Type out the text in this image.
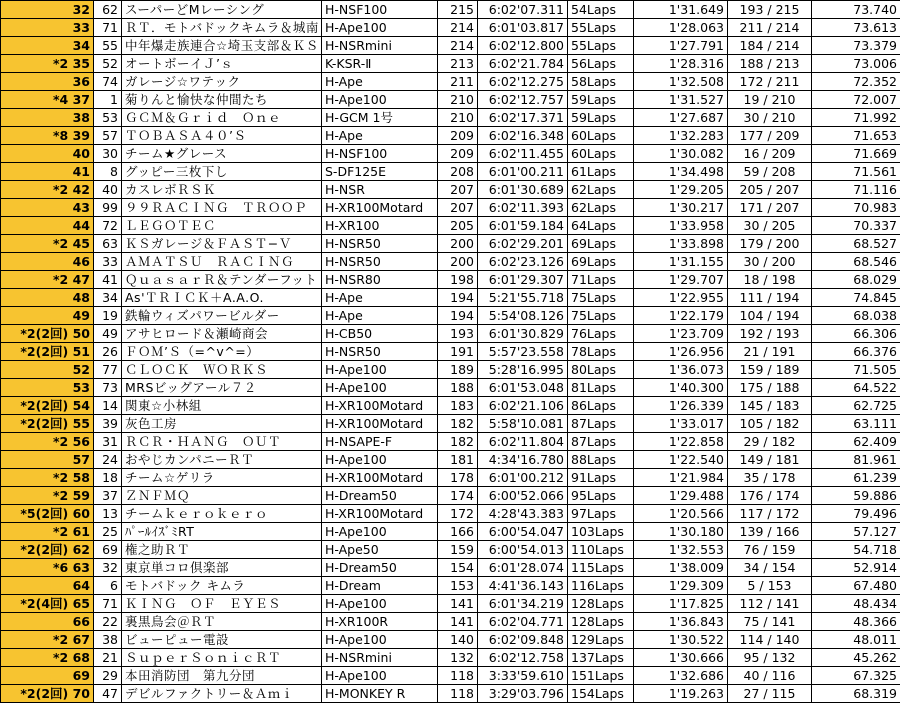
32	62	スーパーどMレーシング	H-NSF100	215	6:02'07.311	54Laps	1'31.649	193 / 215	73.740
33	71	ＲＴ．モトバドックキムラ＆城南	H-Ape100	214	6:01'03.817	55Laps	1'28.063	211 / 214	73.613
34	55	中年爆走族連合☆埼玉支部＆ＫＳ	H-NSRmini	214	6:02'12.800	55Laps	1'27.791	184 / 214	73.379
*2 35	52	オートボーイＪ’ｓ	K-KSR-Ⅱ	213	6:02'21.784	56Laps	1'28.316	188 / 213	73.006
36	74	ガレージ☆ワテック	H-Ape	211	6:02'12.275	58Laps	1'32.508	172 / 211	72.352
*4 37	1	菊りんと愉快な仲間たち	H-Ape100	210	6:02'12.757	59Laps	1'31.527	19 / 210	72.007
38	53	ＧＣＭ＆Ｇｒｉｄ　Ｏｎｅ	H-GCM 1号	210	6:02'17.371	59Laps	1'27.687	30 / 210	71.992
*8 39	57	ＴＯＢＡＳＡ４０’Ｓ	H-Ape	209	6:02'16.348	60Laps	1'32.283	177 / 209	71.653
40	30	チーム★グレース	H-NSF100	209	6:02'11.455	60Laps	1'30.082	16 / 209	71.669
41	8	グッピー三枚下し	S-DF125E	208	6:01'00.211	61Laps	1'34.498	59 / 208	71.561
*2 42	40	カスレボＲＳＫ	H-NSR	207	6:01'30.689	62Laps	1'29.205	205 / 207	71.116
43	99	９９ＲＡＣＩＮＧ　ＴＲＯＯＰ	H-XR100Motard	207	6:02'11.393	62Laps	1'30.217	171 / 207	70.983
44	72	ＬＥＧＯＴＥＣ	H-XR100	205	6:01'59.184	64Laps	1'33.958	30 / 205	70.337
*2 45	63	ＫＳガレージ＆ＦＡＳＴ−Ｖ	H-NSR50	200	6:02'29.201	69Laps	1'33.898	179 / 200	68.527
46	33	ＡＭＡＴＳＵ　ＲＡＣＩＮＧ	H-NSR50	200	6:02'23.126	69Laps	1'31.155	30 / 200	68.546
*2 47	41	ＱｕａｓａｒＲ＆テンダーフット	H-NSR80	198	6:01'29.307	71Laps	1'29.707	18 / 198	68.029
48	34	As'ＴＲＩＣＫ＋A.A.O.	H-Ape	194	5:21'55.718	75Laps	1'22.955	111 / 194	74.845
49	19	鉄輪ウィズパワービルダー	H-Ape	194	5:54'08.126	75Laps	1'22.179	104 / 194	68.038
*2(2回) 50	49	アサヒロード＆瀬崎商会	H-CB50	193	6:01'30.829	76Laps	1'23.709	192 / 193	66.306
*2(2回) 51	26	ＦＯＭ’Ｓ（=^v^=）	H-NSR50	191	5:57'23.558	78Laps	1'26.956	21 / 191	66.376
52	77	ＣＬＯＣＫ　ＷＯＲＫＳ	H-Ape100	189	5:28'16.995	80Laps	1'36.073	159 / 189	71.505
53	73	MRSビッグアール７２	H-Ape100	188	6:01'53.048	81Laps	1'40.300	175 / 188	64.522
*2(2回) 54	14	関東☆小林組	H-XR100Motard	183	6:02'21.106	86Laps	1'26.339	145 / 183	62.725
*2(2回) 55	39	灰色工房	H-XR100Motard	182	5:58'10.081	87Laps	1'33.017	105 / 182	63.111
*2 56	31	ＲＣＲ・ＨＡＮＧ　ＯＵＴ	H-NSAPE-F	182	6:02'11.804	87Laps	1'22.858	29 / 182	62.409
57	24	おやじカンパニーＲＴ	H-Ape100	181	4:34'16.780	88Laps	1'22.540	149 / 181	81.961
*2 58	18	チーム☆ゲリラ	H-XR100Motard	178	6:01'00.212	91Laps	1'21.984	35 / 178	61.239
*2 59	37	ＺＮＦＭＱ	H-Dream50	174	6:00'52.066	95Laps	1'29.488	176 / 174	59.886
*5(2回) 60	13	チームｋｅｒｏｋｅｒｏ	H-XR100Motard	172	4:28'43.383	97Laps	1'20.566	117 / 172	79.496
*2 61	25	ﾊﾟｰﾙｲｽﾞﾐRT	H-Ape100	166	6:00'54.047	103Laps	1'30.180	139 / 166	57.127
*2(2回) 62	69	権之助ＲＴ	H-Ape50	159	6:00'54.013	110Laps	1'32.553	76 / 159	54.718
*6 63	32	東京単コロ倶楽部	H-Dream50	154	6:01'28.074	115Laps	1'38.009	34 / 154	52.914
64	6	モトバドック キムラ	H-Dream	153	4:41'36.143	116Laps	1'29.309	5 / 153	67.480
*2(4回) 65	71	ＫＩＮＧ　ＯＦ　ＥＹＥＳ	H-Ape100	141	6:01'34.219	128Laps	1'17.825	112 / 141	48.434
66	22	裏黒鳥会＠ＲＴ	H-XR100R	141	6:02'04.771	128Laps	1'36.843	75 / 141	48.366
*2 67	38	ビューピュー電設	H-Ape100	140	6:02'09.848	129Laps	1'30.522	114 / 140	48.011
*2 68	21	ＳｕｐｅｒＳｏｎｉｃＲＴ	H-NSRmini	132	6:02'12.758	137Laps	1'30.666	95 / 132	45.262
69	29	本田消防団　第九分団	H-Ape100	118	3:33'59.610	151Laps	1'32.686	40 / 116	67.325
*2(2回) 70	47	デビルファクトリー＆Ａｍｉ	H-MONKEY R	118	3:29'03.796	154Laps	1'19.263	27 / 115	68.319
